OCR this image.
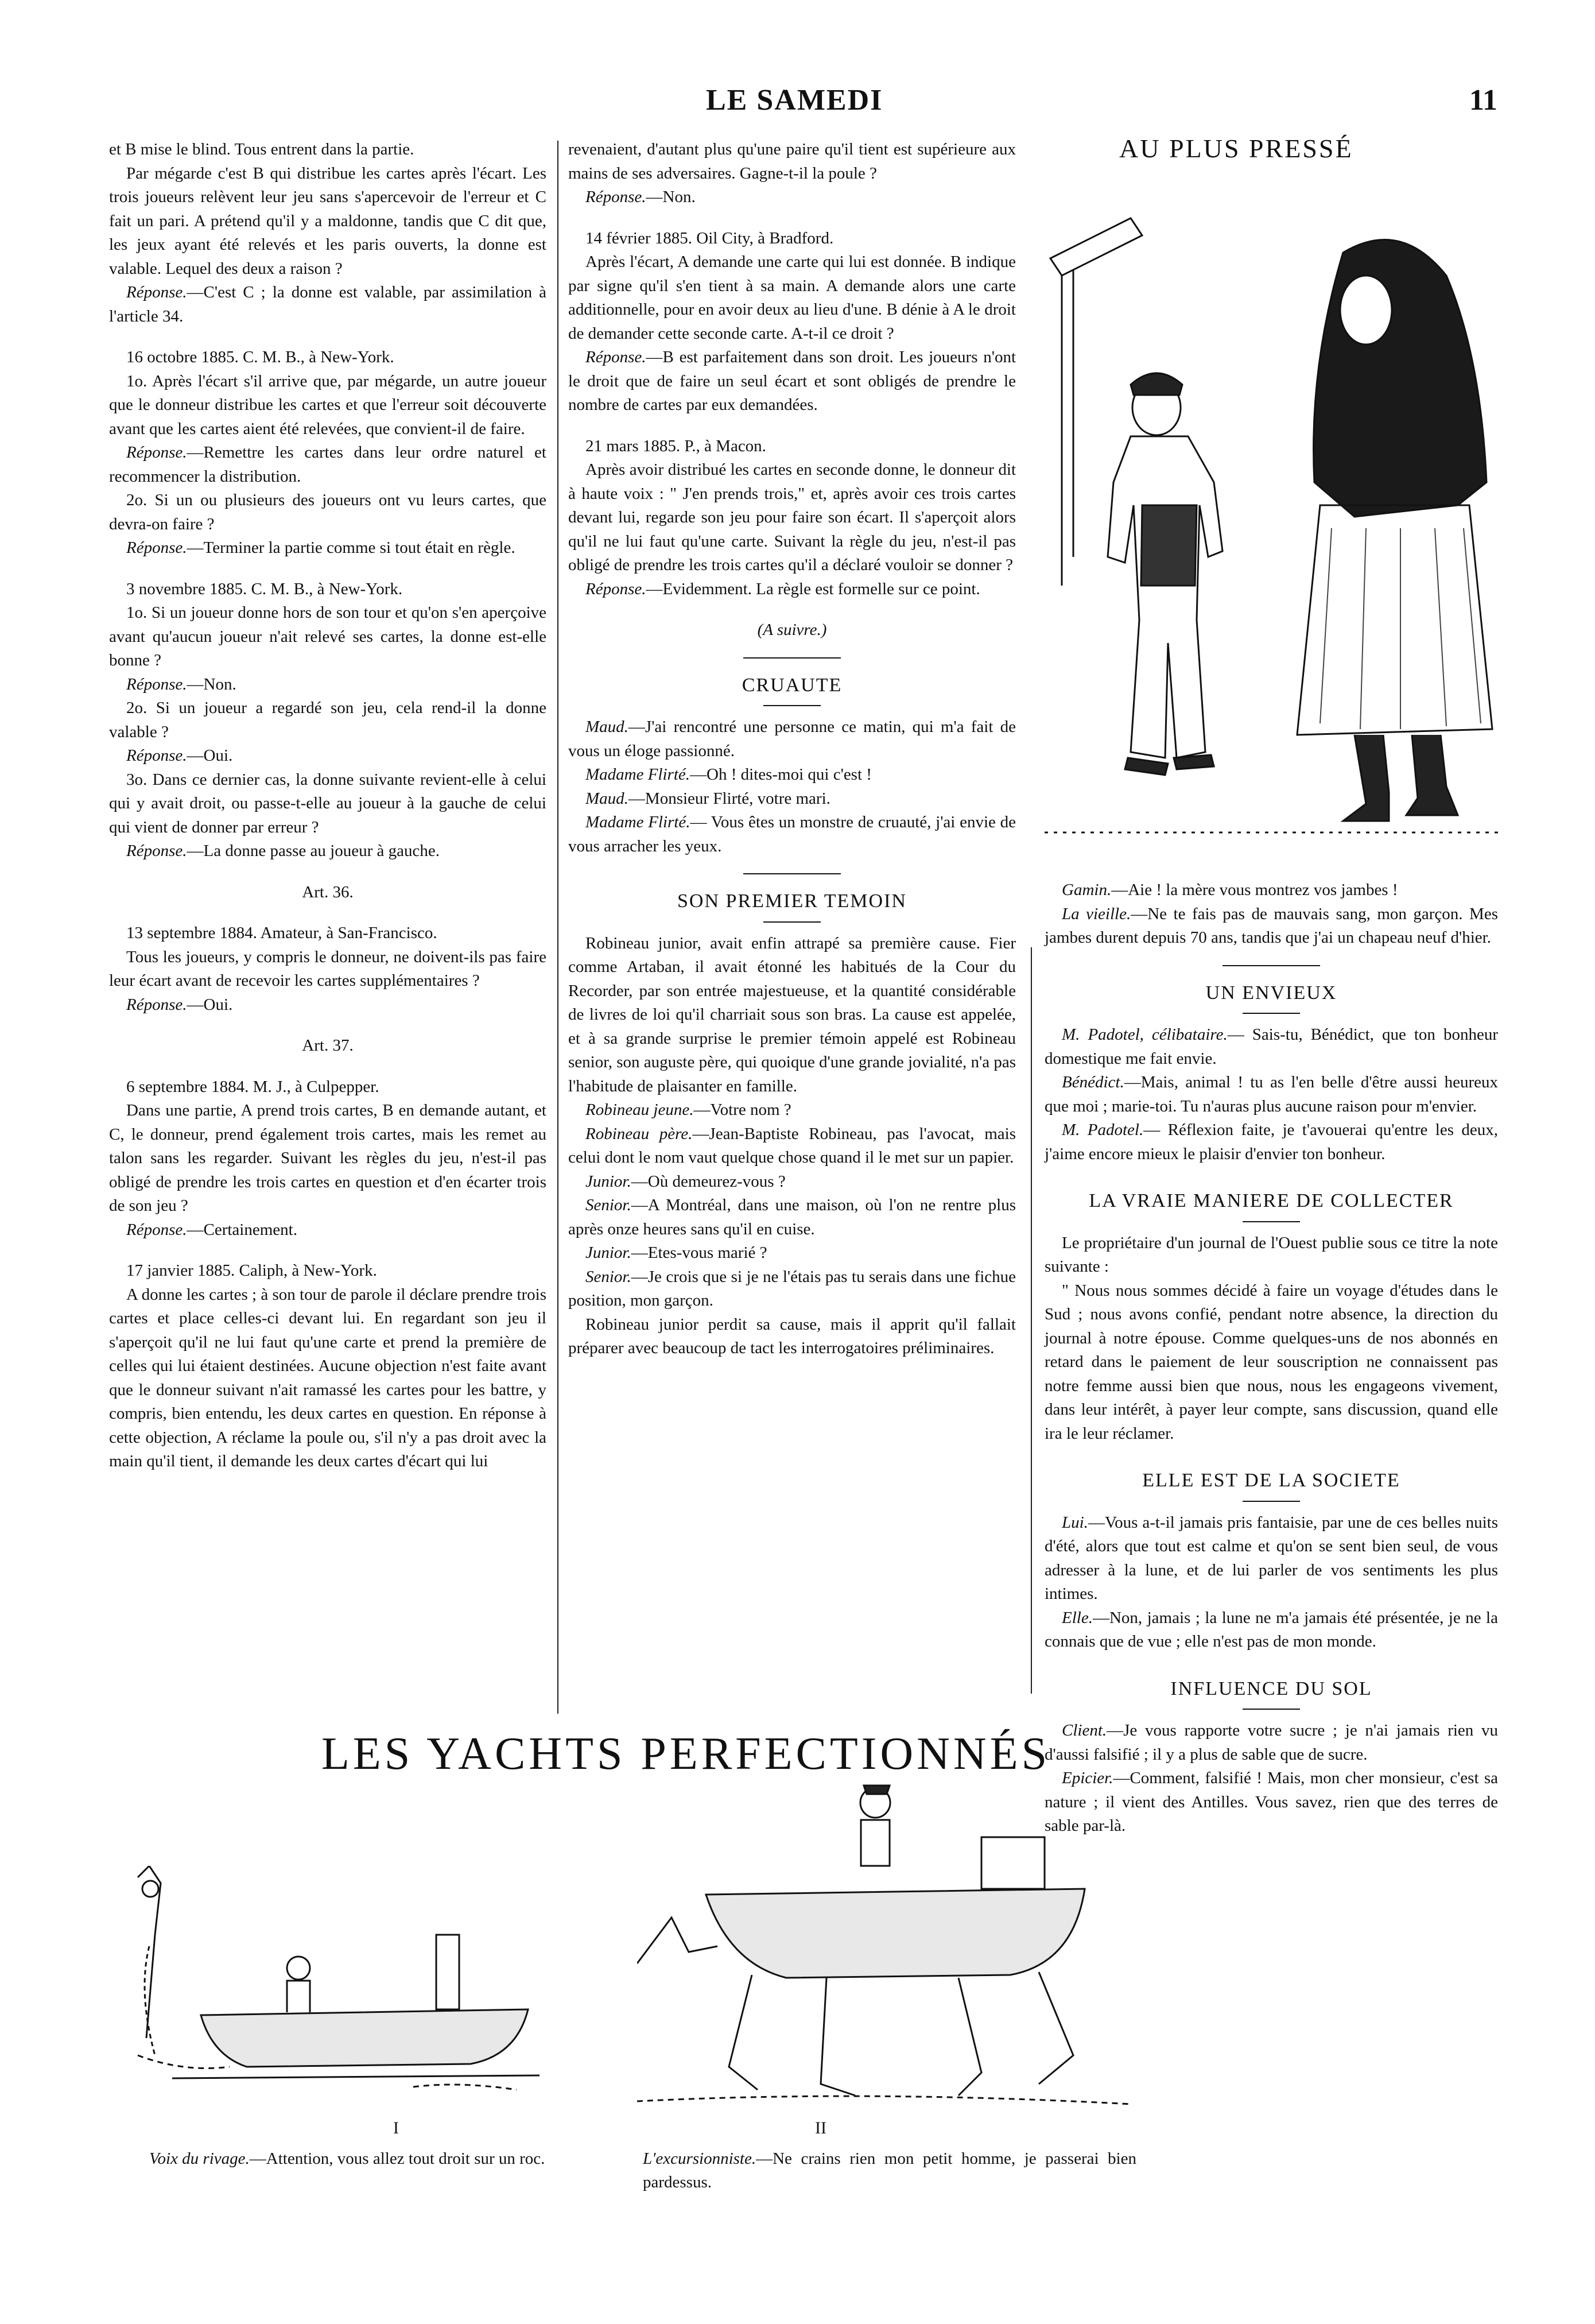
LE SAMEDI	11

et B mise le blind. Tous entrent dans la partie.

Par mégarde c'est B qui distribue les cartes après l'écart. Les trois joueurs relèvent leur jeu sans s'apercevoir de l'erreur et C fait un pari. A prétend qu'il y a maldonne, tandis que C dit que, les jeux ayant été relevés et les paris ouverts, la donne est valable. Lequel des deux a raison ?

Réponse.—C'est C ; la donne est valable, par assimilation à l'article 34.

16 octobre 1885. C. M. B., à New-York.

1o. Après l'écart s'il arrive que, par mégarde, un autre joueur que le donneur distribue les cartes et que l'erreur soit découverte avant que les cartes aient été relevées, que convient-il de faire.

Réponse.—Remettre les cartes dans leur ordre naturel et recommencer la distribution.

2o. Si un ou plusieurs des joueurs ont vu leurs cartes, que devra-on faire ?

Réponse.—Terminer la partie comme si tout était en règle.

3 novembre 1885. C. M. B., à New-York.

1o. Si un joueur donne hors de son tour et qu'on s'en aperçoive avant qu'aucun joueur n'ait relevé ses cartes, la donne est-elle bonne ?

Réponse.—Non.

2o. Si un joueur a regardé son jeu, cela rend-il la donne valable ?

Réponse.—Oui.

3o. Dans ce dernier cas, la donne suivante revient-elle à celui qui y avait droit, ou passe-t-elle au joueur à la gauche de celui qui vient de donner par erreur ?

Réponse.—La donne passe au joueur à gauche.

Art. 36.

13 septembre 1884. Amateur, à San-Francisco.

Tous les joueurs, y compris le donneur, ne doivent-ils pas faire leur écart avant de recevoir les cartes supplémentaires ?

Réponse.—Oui.

Art. 37.

6 septembre 1884. M. J., à Culpepper.

Dans une partie, A prend trois cartes, B en demande autant, et C, le donneur, prend également trois cartes, mais les remet au talon sans les regarder. Suivant les règles du jeu, n'est-il pas obligé de prendre les trois cartes en question et d'en écarter trois de son jeu ?

Réponse.—Certainement.

17 janvier 1885. Caliph, à New-York.

A donne les cartes ; à son tour de parole il déclare prendre trois cartes et place celles-ci devant lui. En regardant son jeu il s'aperçoit qu'il ne lui faut qu'une carte et prend la première de celles qui lui étaient destinées. Aucune objection n'est faite avant que le donneur suivant n'ait ramassé les cartes pour les battre, y compris, bien entendu, les deux cartes en question. En réponse à cette objection, A réclame la poule ou, s'il n'y a pas droit avec la main qu'il tient, il demande les deux cartes d'écart qui lui

revenaient, d'autant plus qu'une paire qu'il tient est supérieure aux mains de ses adversaires. Gagne-t-il la poule ?

Réponse.—Non.

14 février 1885. Oil City, à Bradford.

Après l'écart, A demande une carte qui lui est donnée. B indique par signe qu'il s'en tient à sa main. A demande alors une carte additionnelle, pour en avoir deux au lieu d'une. B dénie à A le droit de demander cette seconde carte. A-t-il ce droit ?

Réponse.—B est parfaitement dans son droit. Les joueurs n'ont le droit que de faire un seul écart et sont obligés de prendre le nombre de cartes par eux demandées.

21 mars 1885. P., à Macon.

Après avoir distribué les cartes en seconde donne, le donneur dit à haute voix : " J'en prends trois," et, après avoir ces trois cartes devant lui, regarde son jeu pour faire son écart. Il s'aperçoit alors qu'il ne lui faut qu'une carte. Suivant la règle du jeu, n'est-il pas obligé de prendre les trois cartes qu'il a déclaré vouloir se donner ?

Réponse.—Evidemment. La règle est formelle sur ce point.

(A suivre.)

CRUAUTE

Maud.—J'ai rencontré une personne ce matin, qui m'a fait de vous un éloge passionné.

Madame Flirté.—Oh ! dites-moi qui c'est !

Maud.—Monsieur Flirté, votre mari.

Madame Flirté.— Vous êtes un monstre de cruauté, j'ai envie de vous arracher les yeux.

SON PREMIER TEMOIN

Robineau junior, avait enfin attrapé sa première cause. Fier comme Artaban, il avait étonné les habitués de la Cour du Recorder, par son entrée majestueuse, et la quantité considérable de livres de loi qu'il charriait sous son bras. La cause est appelée, et à sa grande surprise le premier témoin appelé est Robineau senior, son auguste père, qui quoique d'une grande jovialité, n'a pas l'habitude de plaisanter en famille.

Robineau jeune.—Votre nom ?

Robineau père.—Jean-Baptiste Robineau, pas l'avocat, mais celui dont le nom vaut quelque chose quand il le met sur un papier.

Junior.—Où demeurez-vous ?

Senior.—A Montréal, dans une maison, où l'on ne rentre plus après onze heures sans qu'il en cuise.

Junior.—Etes-vous marié ?

Senior.—Je crois que si je ne l'étais pas tu serais dans une fichue position, mon garçon.

Robineau junior perdit sa cause, mais il apprit qu'il fallait préparer avec beaucoup de tact les interrogatoires préliminaires.

AU PLUS PRESSÉ

Gamin.—Aie ! la mère vous montrez vos jambes !

La vieille.—Ne te fais pas de mauvais sang, mon garçon. Mes jambes durent depuis 70 ans, tandis que j'ai un chapeau neuf d'hier.

UN ENVIEUX

M. Padotel, célibataire.— Sais-tu, Bénédict, que ton bonheur domestique me fait envie.

Bénédict.—Mais, animal ! tu as l'en belle d'être aussi heureux que moi ; marie-toi. Tu n'auras plus aucune raison pour m'envier.

M. Padotel.— Réflexion faite, je t'avouerai qu'entre les deux, j'aime encore mieux le plaisir d'envier ton bonheur.

LA VRAIE MANIERE DE COLLECTER

Le propriétaire d'un journal de l'Ouest publie sous ce titre la note suivante :

" Nous nous sommes décidé à faire un voyage d'études dans le Sud ; nous avons confié, pendant notre absence, la direction du journal à notre épouse. Comme quelques-uns de nos abonnés en retard dans le paiement de leur souscription ne connaissent pas notre femme aussi bien que nous, nous les engageons vivement, dans leur intérêt, à payer leur compte, sans discussion, quand elle ira le leur réclamer.

ELLE EST DE LA SOCIETE

Lui.—Vous a-t-il jamais pris fantaisie, par une de ces belles nuits d'été, alors que tout est calme et qu'on se sent bien seul, de vous adresser à la lune, et de lui parler de vos sentiments les plus intimes.

Elle.—Non, jamais ; la lune ne m'a jamais été présentée, je ne la connais que de vue ; elle n'est pas de mon monde.

INFLUENCE DU SOL

Client.—Je vous rapporte votre sucre ; je n'ai jamais rien vu d'aussi falsifié ; il y a plus de sable que de sucre.

Epicier.—Comment, falsifié ! Mais, mon cher monsieur, c'est sa nature ; il vient des Antilles. Vous savez, rien que des terres de sable par-là.

LES YACHTS PERFECTIONNÉS
I	II
Voix du rivage.—Attention, vous allez tout droit sur un roc.	L'excursionniste.—Ne crains rien mon petit homme, je passerai bien pardessus.
